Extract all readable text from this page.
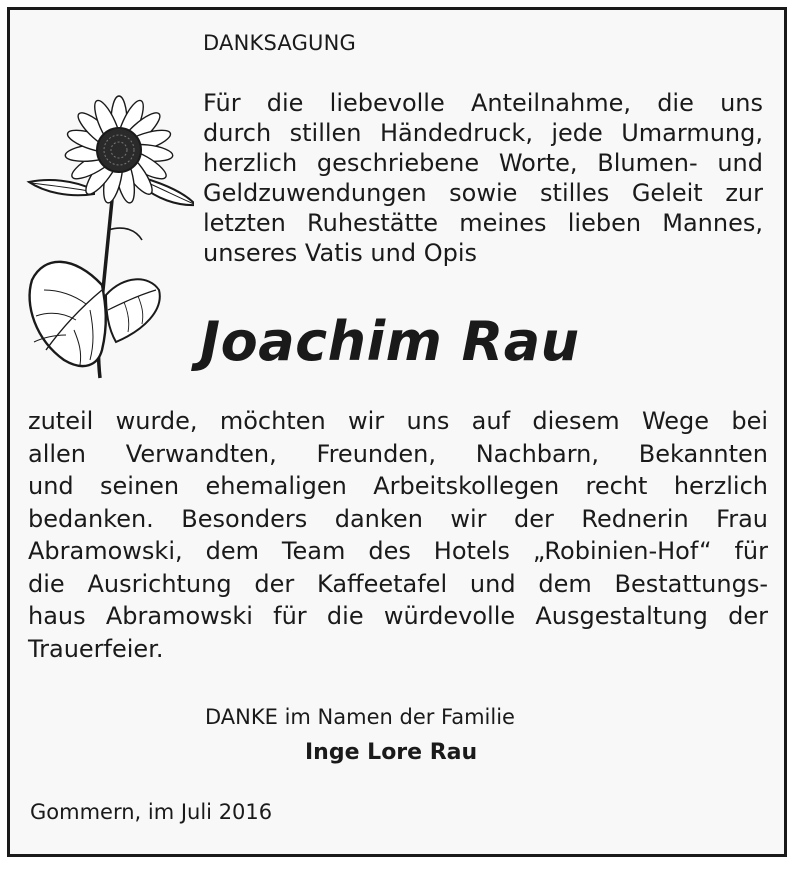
DANKSAGUNG
Für die liebevolle Anteilnahme, die uns
durch stillen Händedruck, jede Umarmung,
herzlich geschriebene Worte, Blumen- und
Geldzuwendungen sowie stilles Geleit zur
letzten Ruhestätte meines lieben Mannes,
unseres Vatis und Opis
Joachim Rau
zuteil wurde, möchten wir uns auf diesem Wege bei
allen Verwandten, Freunden, Nachbarn, Bekannten
und seinen ehemaligen Arbeitskollegen recht herzlich
bedanken. Besonders danken wir der Rednerin Frau
Abramowski, dem Team des Hotels „Robinien-Hof“ für
die Ausrichtung der Kaffeetafel und dem Bestattungs-
haus Abramowski für die würdevolle Ausgestaltung der
Trauerfeier.
DANKE im Namen der Familie
Inge Lore Rau
Gommern, im Juli 2016
